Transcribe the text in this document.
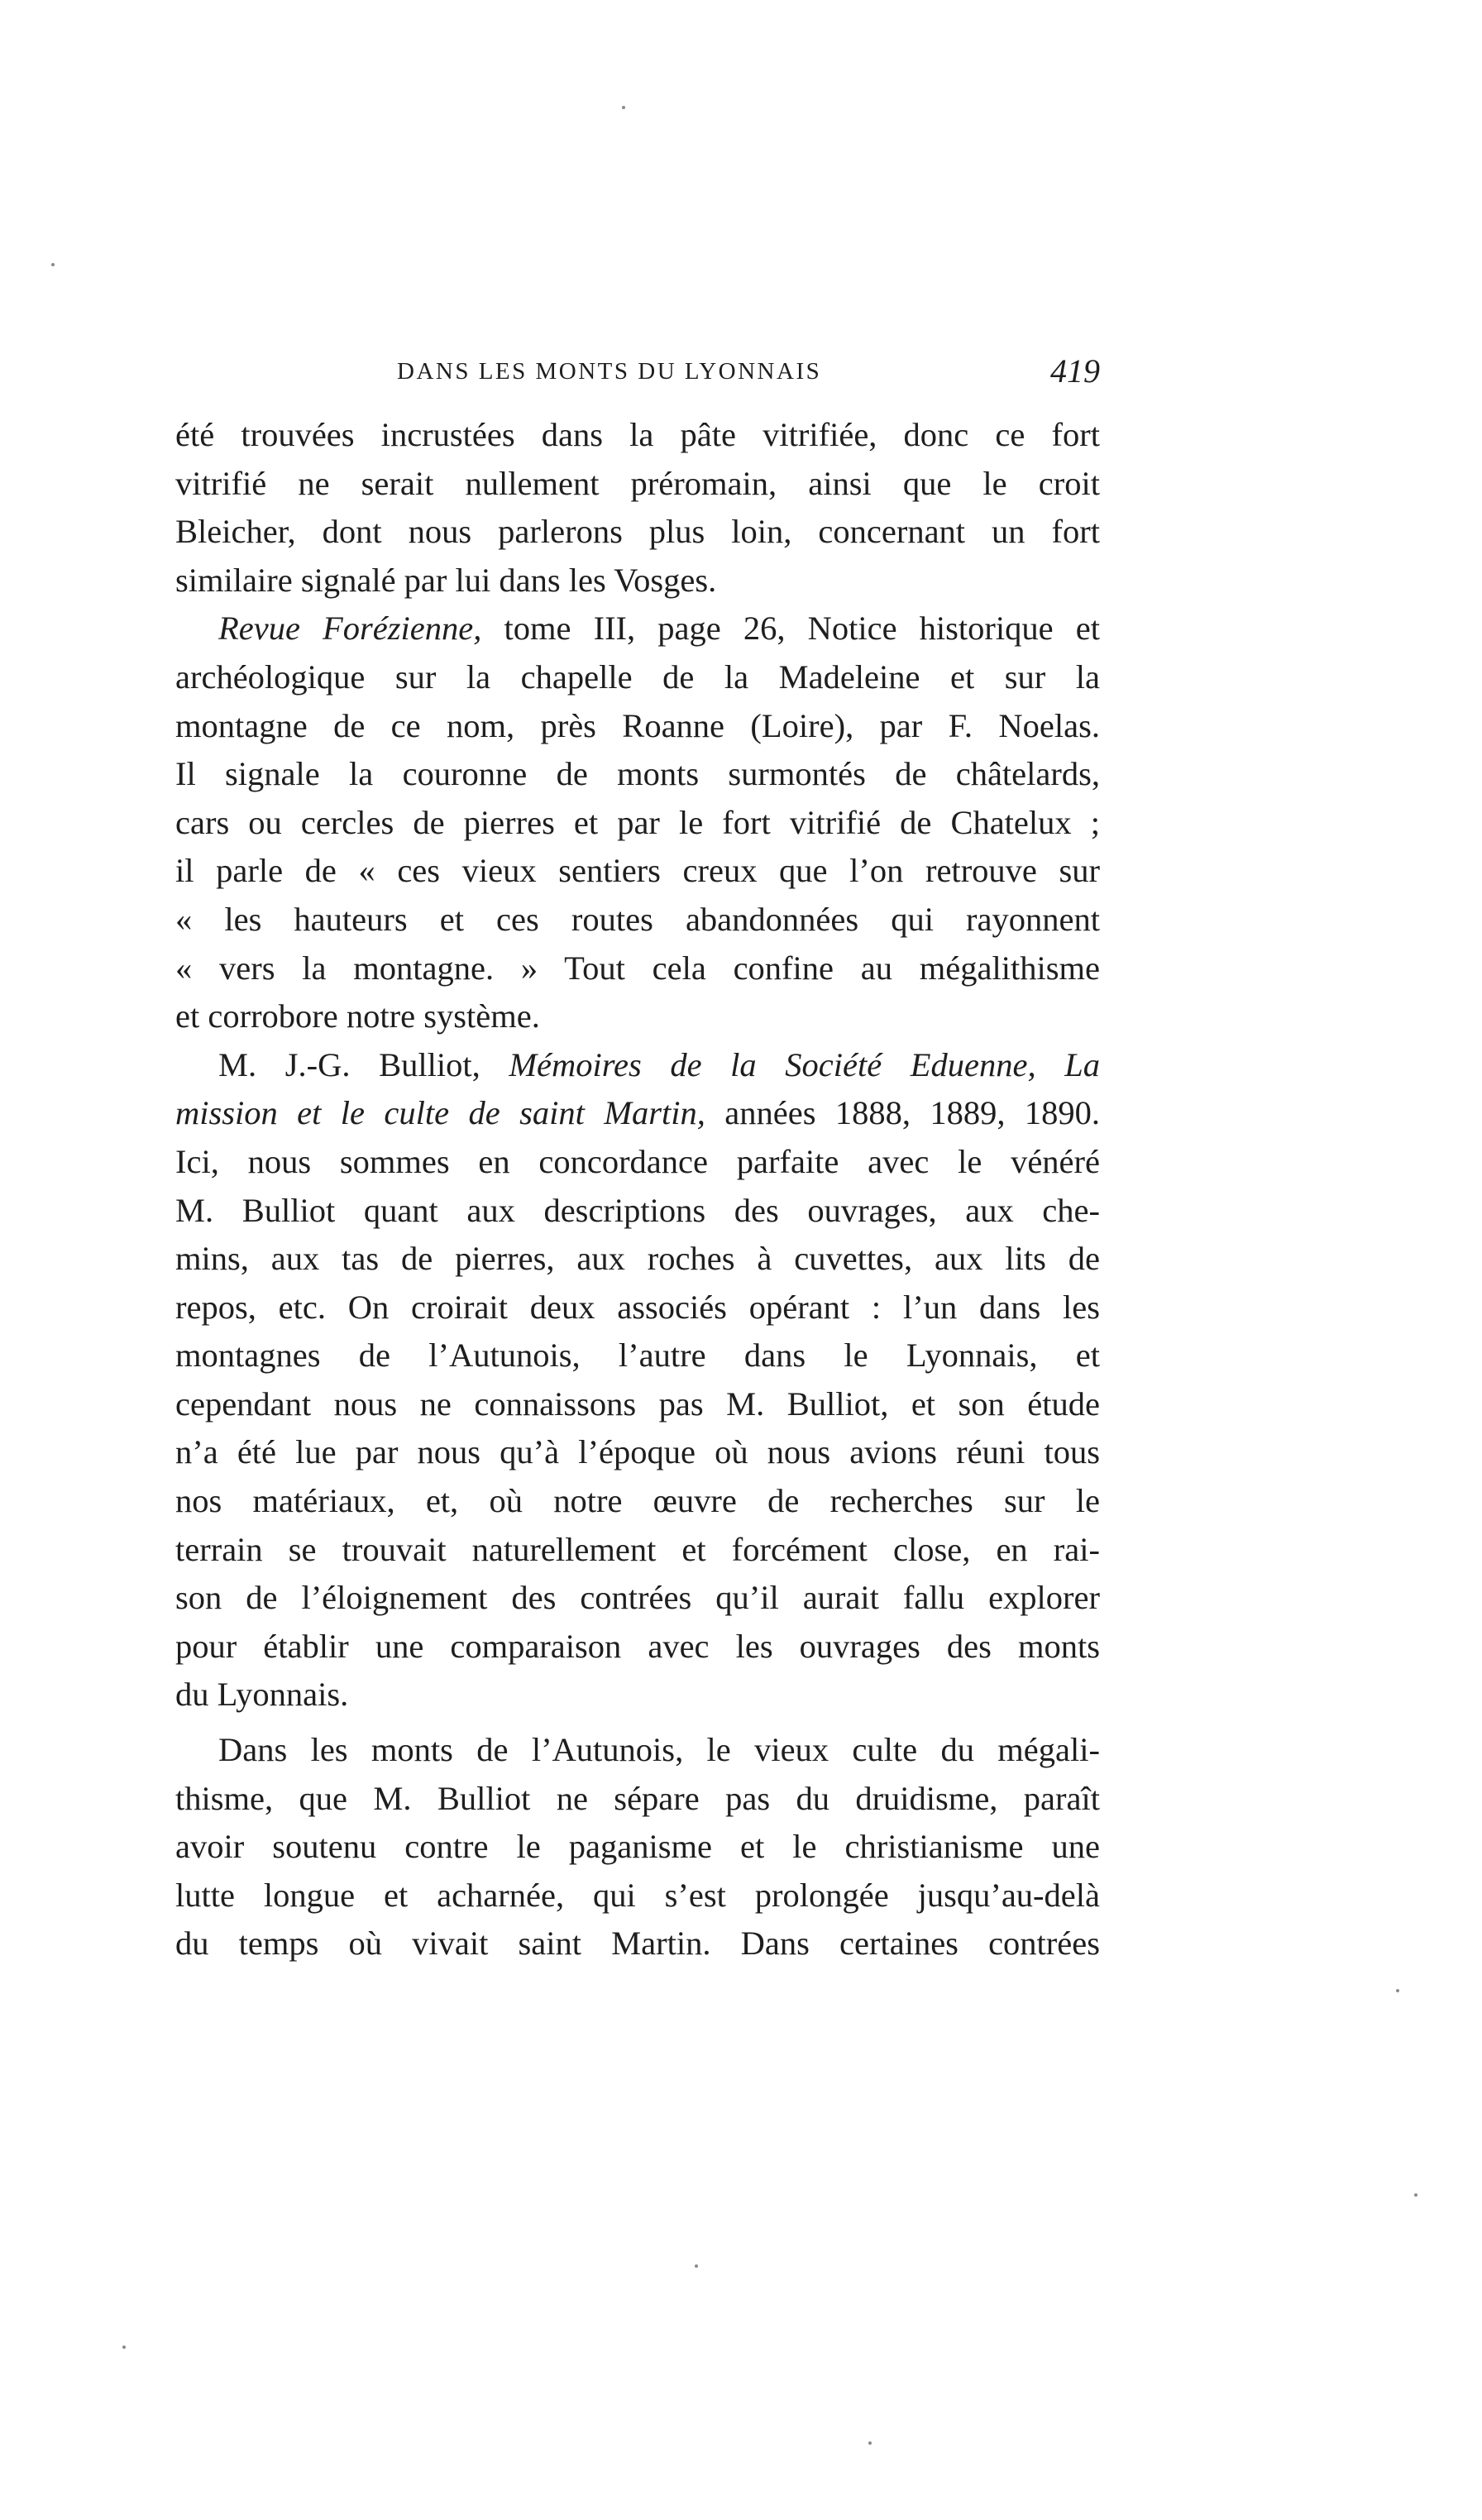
DANS LES MONTS DU LYONNAIS	419
été trouvées incrustées dans la pâte vitrifiée, donc ce fort
vitrifié ne serait nullement préromain, ainsi que le croit
Bleicher, dont nous parlerons plus loin, concernant un fort
similaire signalé par lui dans les Vosges.
Revue Forézienne, tome III, page 26, Notice historique et
archéologique sur la chapelle de la Madeleine et sur la
montagne de ce nom, près Roanne (Loire), par F. Noelas.
Il signale la couronne de monts surmontés de châtelards,
cars ou cercles de pierres et par le fort vitrifié de Chatelux ;
il parle de « ces vieux sentiers creux que l’on retrouve sur
« les hauteurs et ces routes abandonnées qui rayonnent
« vers la montagne. » Tout cela confine au mégalithisme
et corrobore notre système.
M. J.-G. Bulliot, Mémoires de la Société Eduenne, La
mission et le culte de saint Martin, années 1888, 1889, 1890.
Ici, nous sommes en concordance parfaite avec le vénéré
M. Bulliot quant aux descriptions des ouvrages, aux che-
mins, aux tas de pierres, aux roches à cuvettes, aux lits de
repos, etc. On croirait deux associés opérant : l’un dans les
montagnes de l’Autunois, l’autre dans le Lyonnais, et
cependant nous ne connaissons pas M. Bulliot, et son étude
n’a été lue par nous qu’à l’époque où nous avions réuni tous
nos matériaux, et, où notre œuvre de recherches sur le
terrain se trouvait naturellement et forcément close, en rai-
son de l’éloignement des contrées qu’il aurait fallu explorer
pour établir une comparaison avec les ouvrages des monts
du Lyonnais.
Dans les monts de l’Autunois, le vieux culte du mégali-
thisme, que M. Bulliot ne sépare pas du druidisme, paraît
avoir soutenu contre le paganisme et le christianisme une
lutte longue et acharnée, qui s’est prolongée jusqu’au-delà
du temps où vivait saint Martin. Dans certaines contrées
